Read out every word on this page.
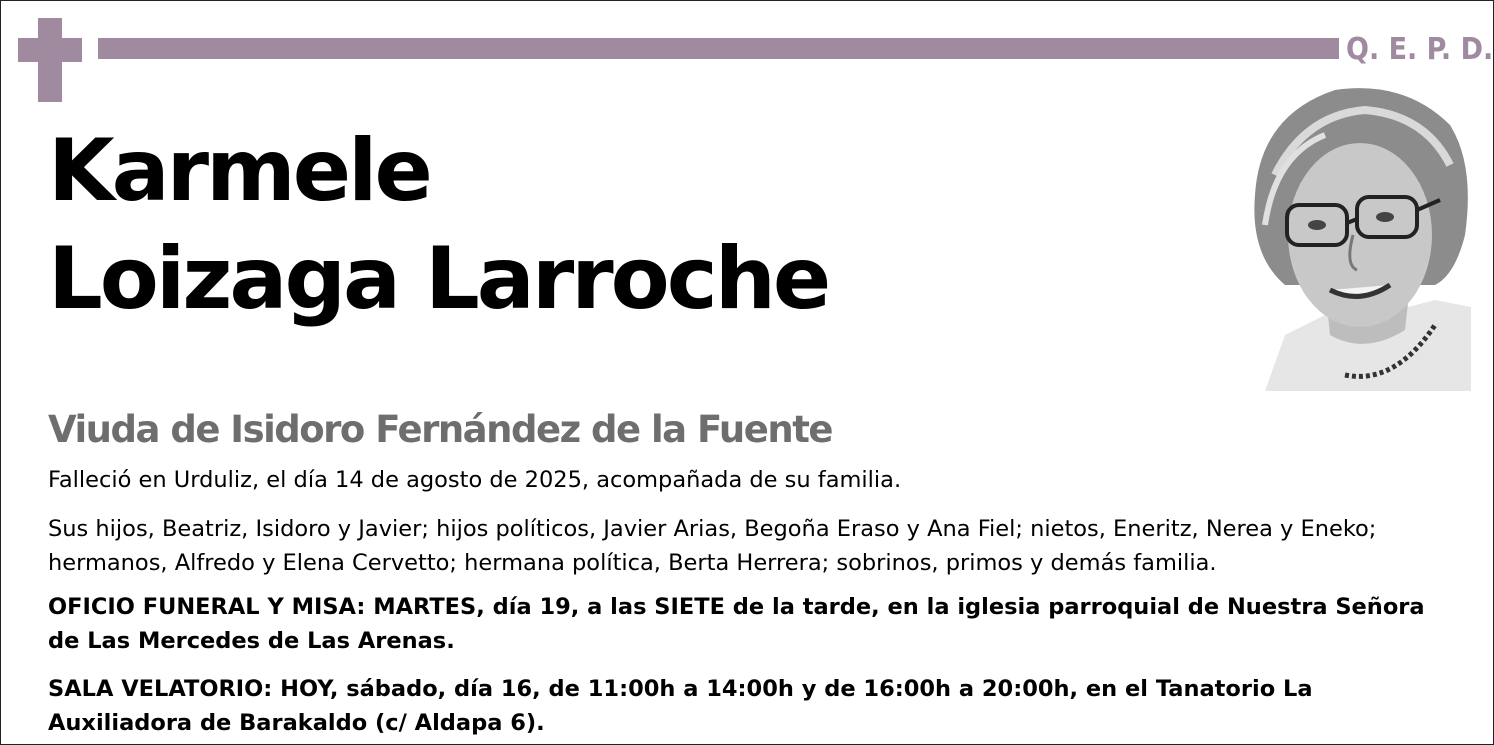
Q. E. P. D.
Karmele
Loizaga Larroche
Viuda de Isidoro Fernández de la Fuente
Falleció en Urduliz, el día 14 de agosto de 2025, acompañada de su familia.
Sus hijos, Beatriz, Isidoro y Javier; hijos políticos, Javier Arias, Begoña Eraso y Ana Fiel; nietos, Eneritz, Nerea y Eneko; hermanos, Alfredo y Elena Cervetto; hermana política, Berta Herrera; sobrinos, primos y demás familia.
OFICIO FUNERAL Y MISA: MARTES, día 19, a las SIETE de la tarde, en la iglesia parroquial de Nuestra Señora de Las Mercedes de Las Arenas.
SALA VELATORIO: HOY, sábado, día 16, de 11:00h a 14:00h y de 16:00h a 20:00h, en el Tanatorio La Auxiliadora de Barakaldo (c/ Aldapa 6).
